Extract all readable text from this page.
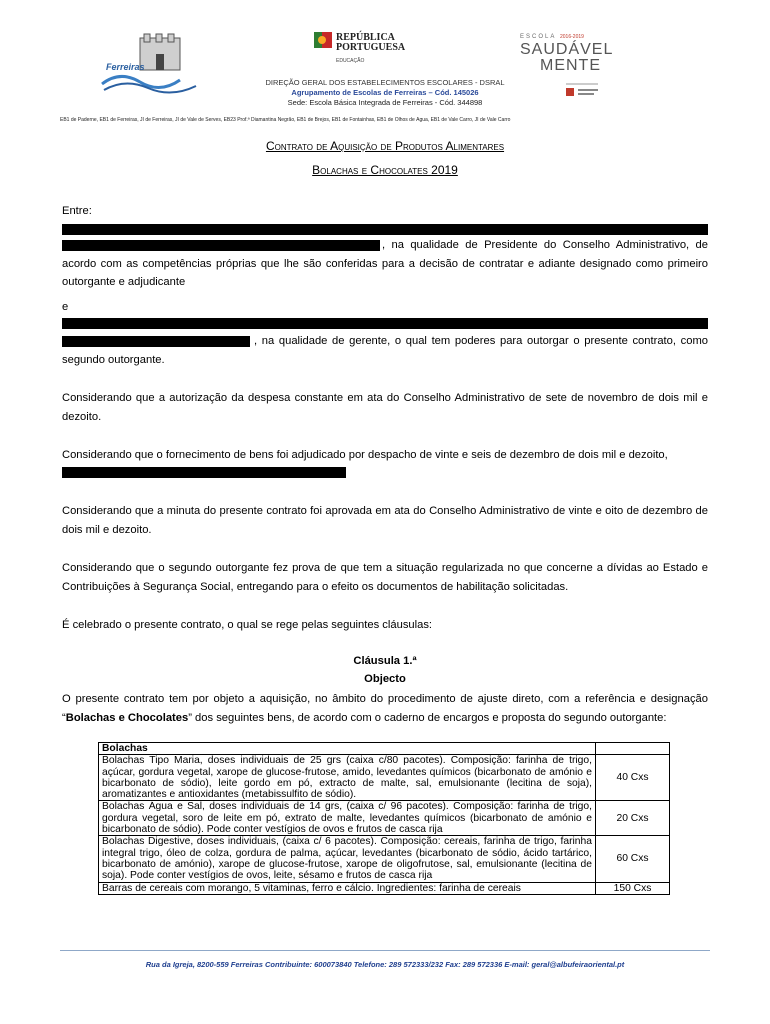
Ferreiras
REPÚBLICA
PORTUGUESA
EDUCAÇÃO
ESCOLA 2016-2019
SAUDÁVEL
MENTE
DIREÇÃO GERAL DOS ESTABELECIMENTOS ESCOLARES - DSRAL
Agrupamento de Escolas de Ferreiras – Cód. 145026
Sede: Escola Básica Integrada de Ferreiras - Cód. 344898
EB1 de Paderne, EB1 de Ferreiras, JI de Ferreiras, JI de Vale de Serves, EB23 Prof.ª Diamantina Negrão, EB1 de Brejos, EB1 de Fontainhas, EB1 de Olhos de Água, EB1 de Vale Carro, JI de Vale Carro
Contrato de Aquisição de Produtos Alimentares
Bolachas e Chocolates 2019
Entre:
, na qualidade de Presidente do Conselho Administrativo, de acordo com as competências próprias que lhe são conferidas para a decisão de contratar e adiante designado como primeiro outorgante e adjudicante
e
, na qualidade de gerente, o qual tem poderes para outorgar o presente contrato, como segundo outorgante.
Considerando que a autorização da despesa constante em ata do Conselho Administrativo de sete de novembro de dois mil e dezoito.
Considerando que o fornecimento de bens foi adjudicado por despacho de vinte e seis de dezembro de dois mil e dezoito,
Considerando que a minuta do presente contrato foi aprovada em ata do Conselho Administrativo de vinte e oito de dezembro de dois mil e dezoito.
Considerando que o segundo outorgante fez prova de que tem a situação regularizada no que concerne a dívidas ao Estado e Contribuições à Segurança Social, entregando para o efeito os documentos de habilitação solicitadas.
É celebrado o presente contrato, o qual se rege pelas seguintes cláusulas:
Cláusula 1.ª
Objecto
O presente contrato tem por objeto a aquisição, no âmbito do procedimento de ajuste direto, com a referência e designação “Bolachas e Chocolates” dos seguintes bens, de acordo com o caderno de encargos e proposta do segundo outorgante:
Bolachas	
Bolachas Tipo Maria, doses individuais de 25 grs (caixa c/80 pacotes). Composição: farinha de trigo, açúcar, gordura vegetal, xarope de glucose-frutose, amido, levedantes químicos (bicarbonato de amónio e bicarbonato de sódio), leite gordo em pó, extracto de malte, sal, emulsionante (lecitina de soja), aromatizantes e antioxidantes (metabissulfito de sódio).	40 Cxs
Bolachas Água e Sal, doses individuais de 14 grs, (caixa c/ 96 pacotes). Composição: farinha de trigo, gordura vegetal, soro de leite em pó, extrato de malte, levedantes químicos (bicarbonato de amónio e bicarbonato de sódio). Pode conter vestígios de ovos e frutos de casca rija	20 Cxs
Bolachas Digestive, doses individuais, (caixa c/ 6 pacotes). Composição: cereais, farinha de trigo, farinha integral trigo, óleo de colza, gordura de palma, açúcar, levedantes (bicarbonato de sódio, ácido tartárico, bicarbonato de amónio), xarope de glucose-frutose, xarope de oligofrutose, sal, emulsionante (lecitina de soja). Pode conter vestígios de ovos, leite, sésamo e frutos de casca rija	60 Cxs
Barras de cereais com morango, 5 vitaminas, ferro e cálcio. Ingredientes: farinha de cereais	150 Cxs
Rua da Igreja, 8200-559 Ferreiras Contribuinte: 600073840 Telefone: 289 572333/232 Fax: 289 572336 E-mail: geral@albufeiraoriental.pt
